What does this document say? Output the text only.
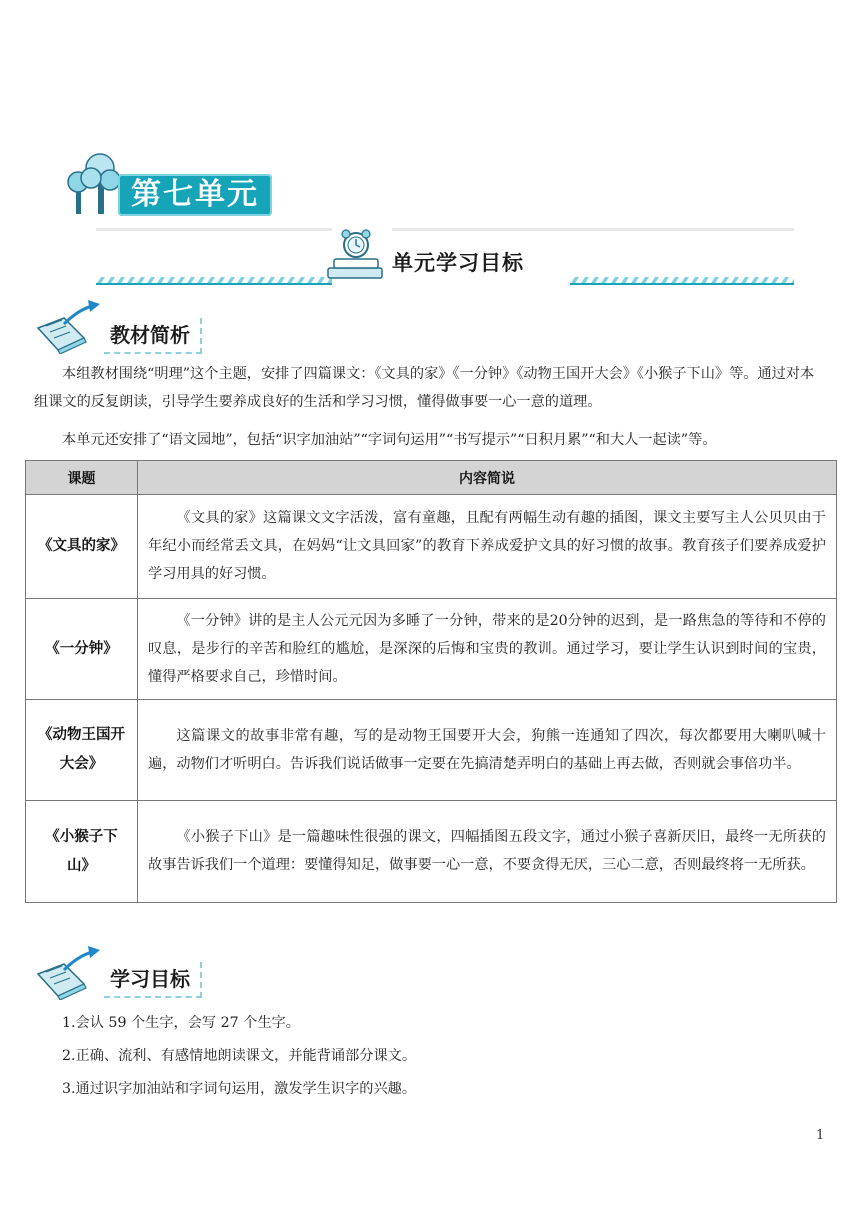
第七单元
单元学习目标
教材简析
本组教材围绕“明理”这个主题，安排了四篇课文：《文具的家》《一分钟》《动物王国开大会》《小猴子下山》等。通过对本组课文的反复朗读，引导学生要养成良好的生活和学习习惯，懂得做事要一心一意的道理。
本单元还安排了“语文园地”，包括“识字加油站”“字词句运用”“书写提示”“日积月累”“和大人一起读”等。
课题	内容简说
《文具的家》	《文具的家》这篇课文文字活泼，富有童趣，且配有两幅生动有趣的插图，课文主要写主人公贝贝由于年纪小而经常丢文具，在妈妈“让文具回家”的教育下养成爱护文具的好习惯的故事。教育孩子们要养成爱护学习用具的好习惯。
《一分钟》	《一分钟》讲的是主人公元元因为多睡了一分钟，带来的是20分钟的迟到，是一路焦急的等待和不停的叹息，是步行的辛苦和脸红的尴尬，是深深的后悔和宝贵的教训。通过学习，要让学生认识到时间的宝贵，懂得严格要求自己，珍惜时间。
《动物王国开大会》	这篇课文的故事非常有趣，写的是动物王国要开大会，狗熊一连通知了四次，每次都要用大喇叭喊十遍，动物们才听明白。告诉我们说话做事一定要在先搞清楚弄明白的基础上再去做，否则就会事倍功半。
《小猴子下山》	《小猴子下山》是一篇趣味性很强的课文，四幅插图五段文字，通过小猴子喜新厌旧，最终一无所获的故事告诉我们一个道理：要懂得知足，做事要一心一意，不要贪得无厌，三心二意，否则最终将一无所获。
学习目标
1.会认 59 个生字，会写 27 个生字。
2.正确、流利、有感情地朗读课文，并能背诵部分课文。
3.通过识字加油站和字词句运用，激发学生识字的兴趣。
1
